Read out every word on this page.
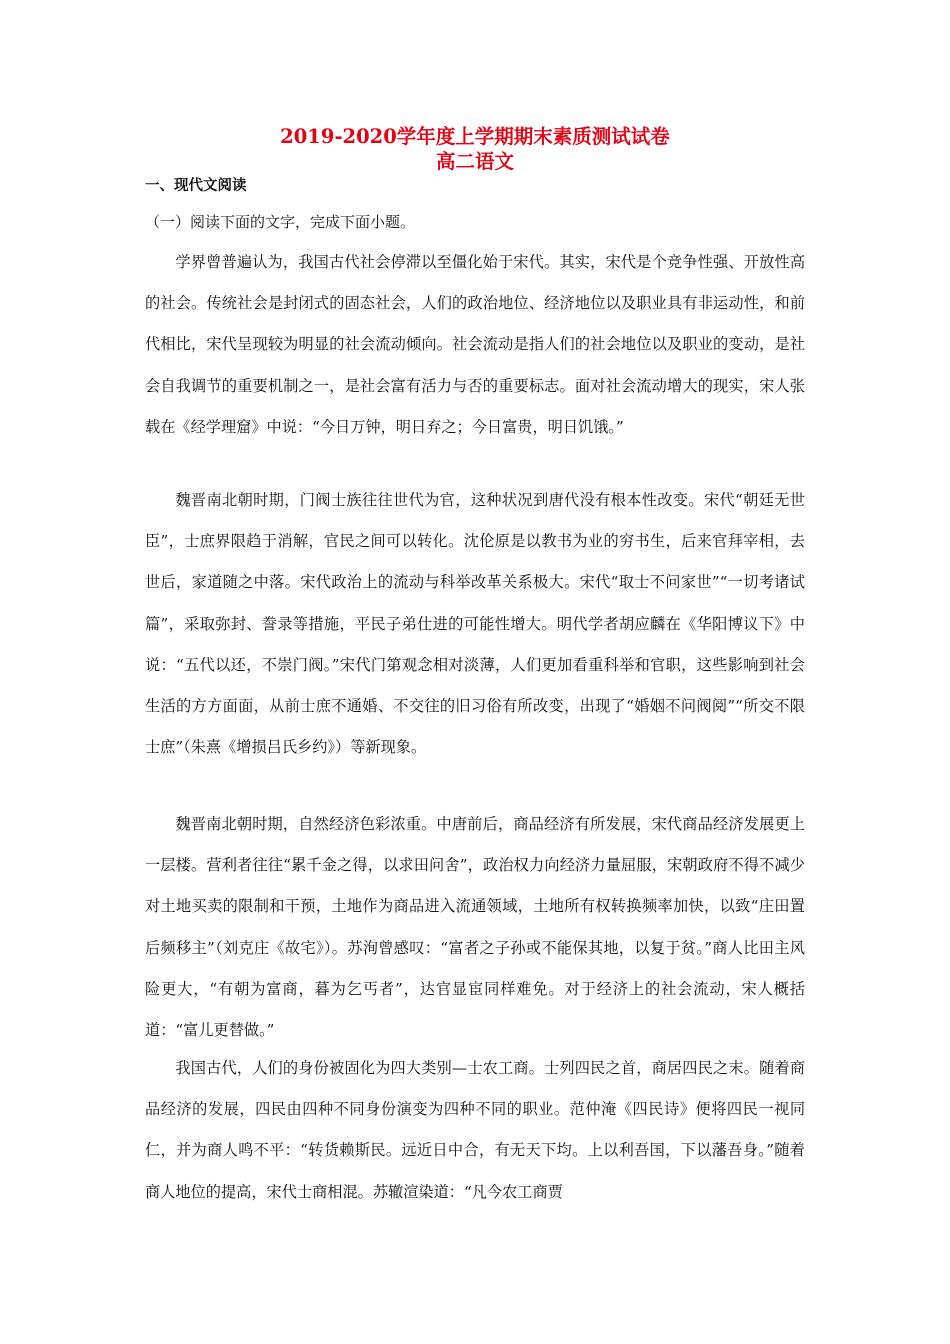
2019-2020学年度上学期期末素质测试试卷
高二语文
一、现代文阅读
（一）阅读下面的文字，完成下面小题。

学界曾普遍认为，我国古代社会停滞以至僵化始于宋代。其实，宋代是个竞争性强、开放性高的社会。传统社会是封闭式的固态社会，人们的政治地位、经济地位以及职业具有非运动性，和前代相比，宋代呈现较为明显的社会流动倾向。社会流动是指人们的社会地位以及职业的变动，是社会自我调节的重要机制之一，是社会富有活力与否的重要标志。面对社会流动增大的现实，宋人张载在《经学理窟》中说：“今日万钟，明日弃之；今日富贵，明日饥饿。”

魏晋南北朝时期，门阀士族往往世代为官，这种状况到唐代没有根本性改变。宋代“朝廷无世臣”，士庶界限趋于消解，官民之间可以转化。沈伦原是以教书为业的穷书生，后来官拜宰相，去世后，家道随之中落。宋代政治上的流动与科举改革关系极大。宋代“取士不问家世”“一切考诸试篇”，采取弥封、誊录等措施，平民子弟仕进的可能性增大。明代学者胡应麟在《华阳博议下》中说：“五代以还，不崇门阀。”宋代门第观念相对淡薄，人们更加看重科举和官职，这些影响到社会生活的方方面面，从前士庶不通婚、不交往的旧习俗有所改变，出现了“婚姻不问阀阅”“所交不限士庶”（朱熹《增损吕氏乡约》）等新现象。

魏晋南北朝时期，自然经济色彩浓重。中唐前后，商品经济有所发展，宋代商品经济发展更上一层楼。营利者往往“累千金之得，以求田问舍”，政治权力向经济力量屈服，宋朝政府不得不减少对土地买卖的限制和干预，土地作为商品进入流通领域，土地所有权转换频率加快，以致“庄田置后频移主”（刘克庄《故宅》）。苏洵曾感叹：“富者之子孙或不能保其地，以复于贫。”商人比田主风险更大，“有朝为富商，暮为乞丐者”，达官显宦同样难免。对于经济上的社会流动，宋人概括道：“富儿更替做。”

我国古代，人们的身份被固化为四大类别—士农工商。士列四民之首，商居四民之末。随着商品经济的发展，四民由四种不同身份演变为四种不同的职业。范仲淹《四民诗》便将四民一视同仁，并为商人鸣不平：“转货赖斯民。远近日中合，有无天下均。上以利吾国，下以藩吾身。”随着商人地位的提高，宋代士商相混。苏辙渲染道：“凡今农工商贾
